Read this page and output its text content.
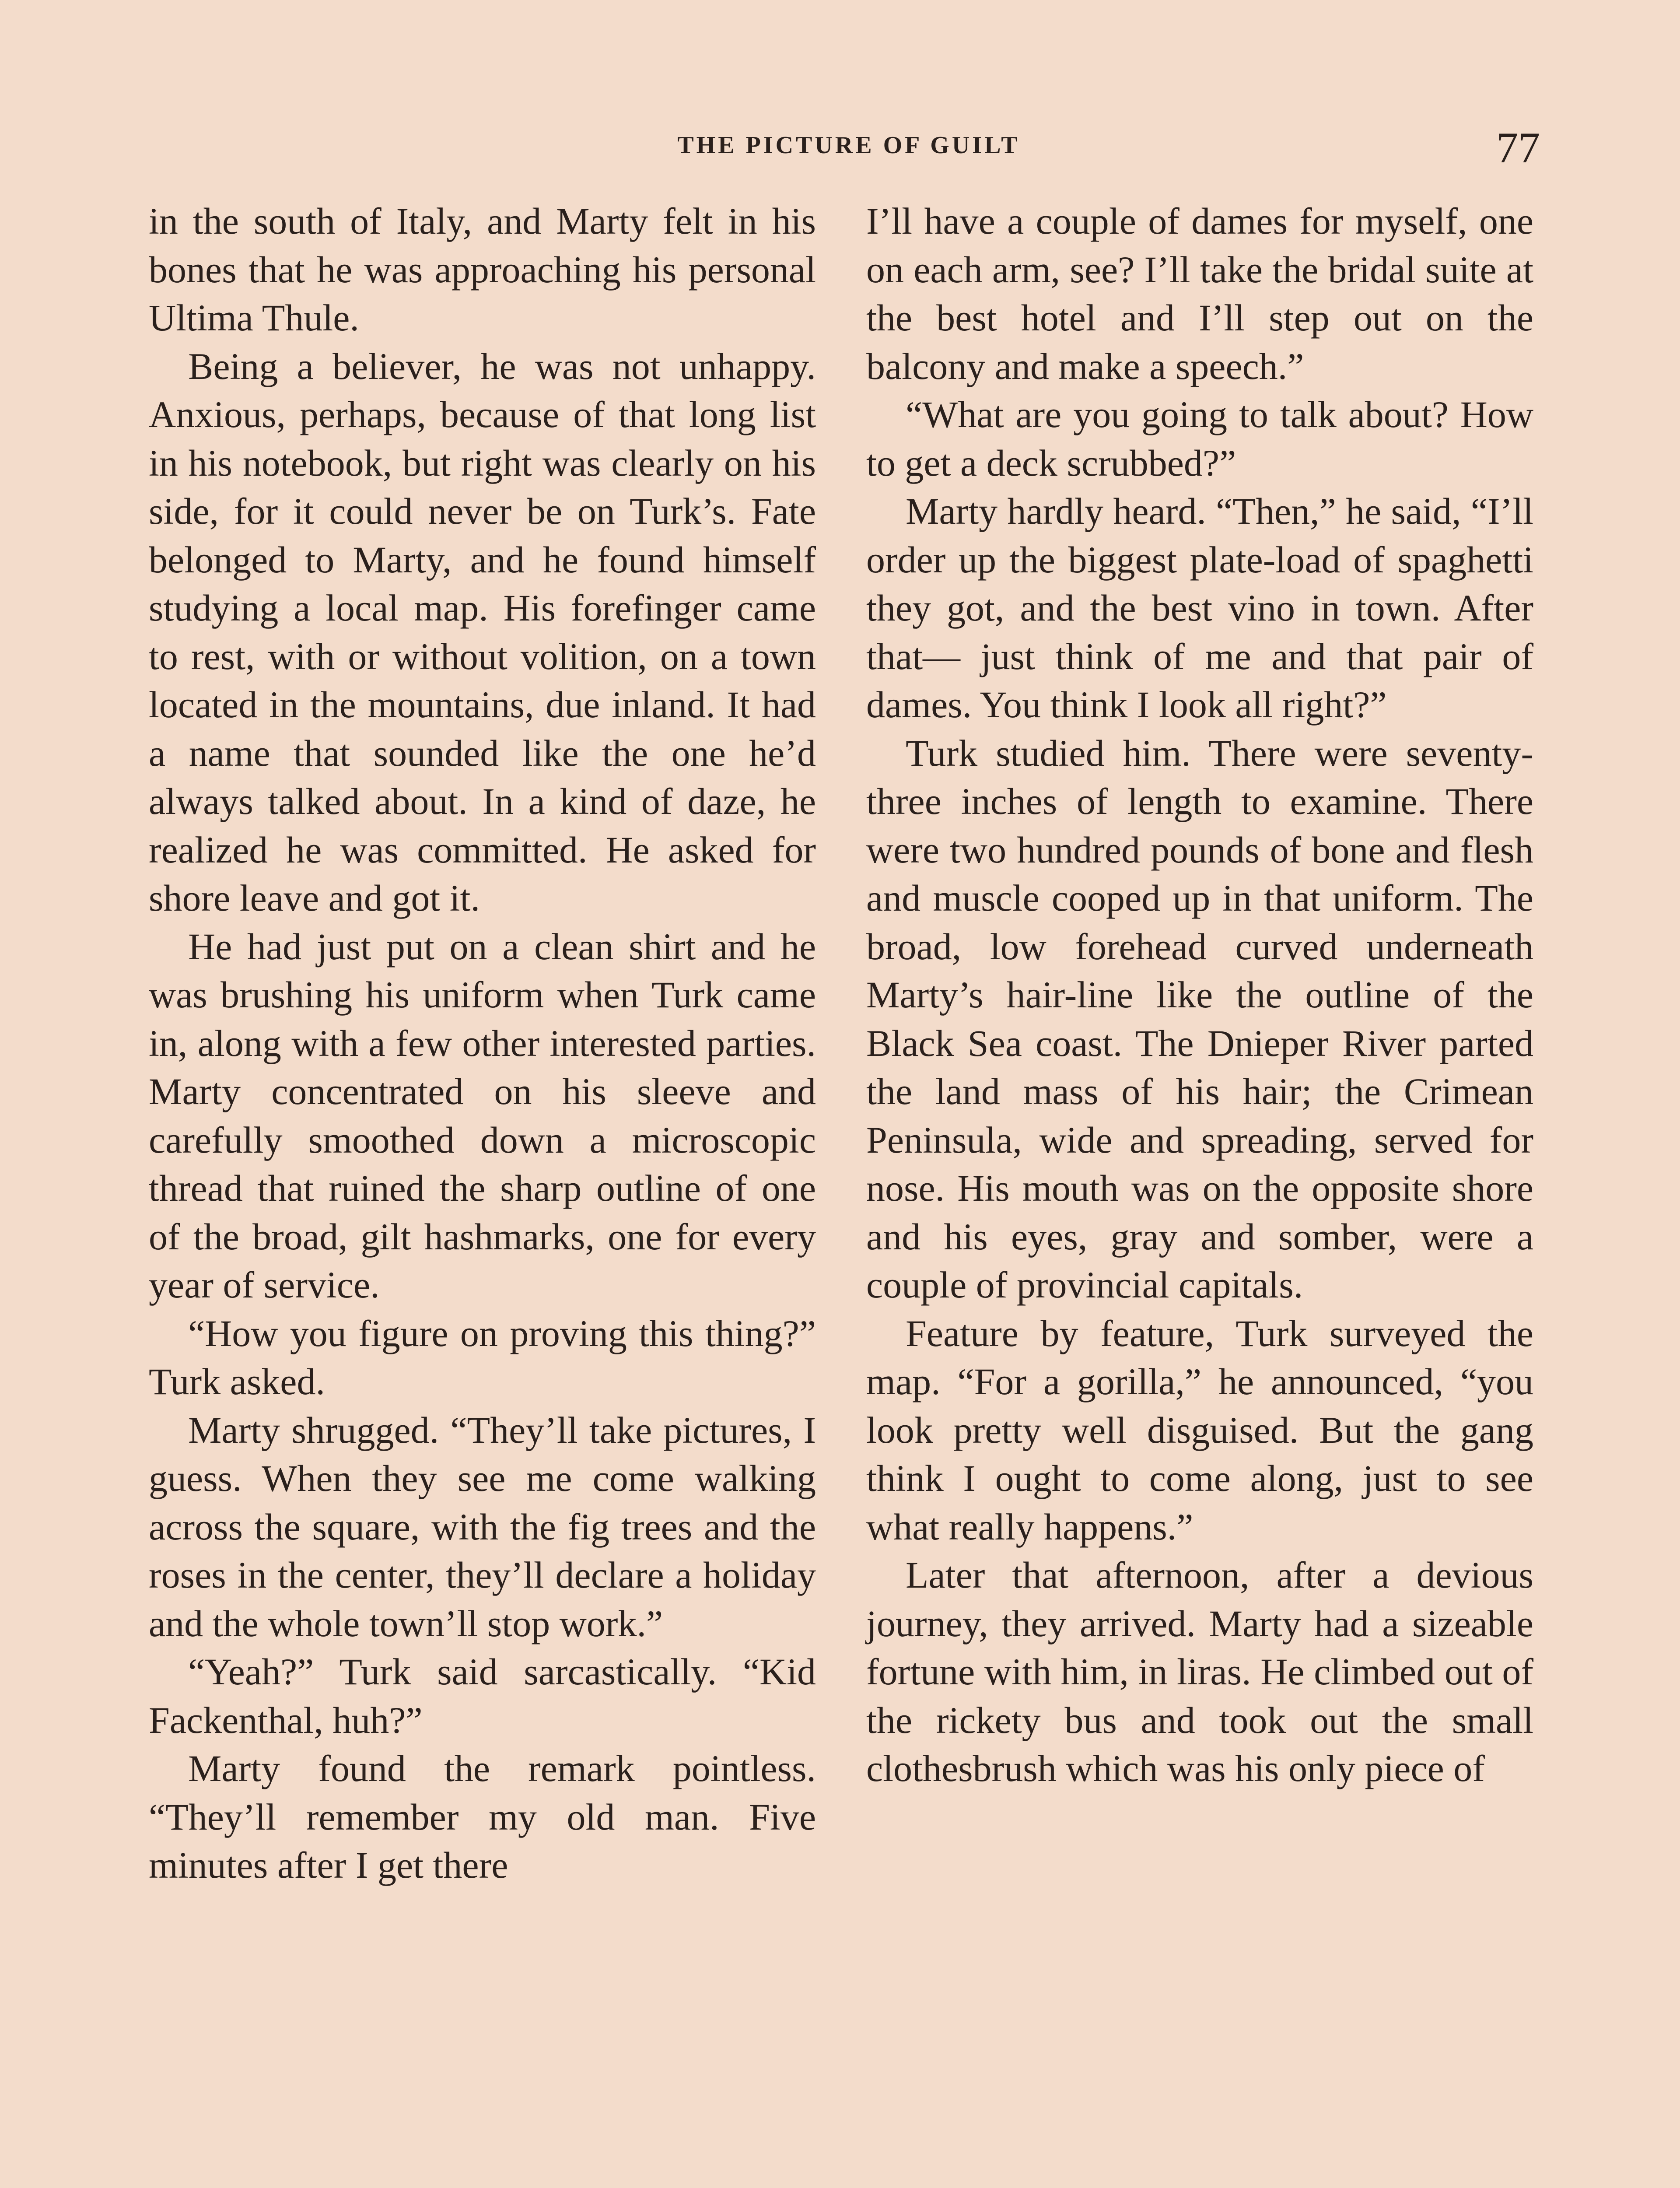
THE PICTURE OF GUILT	77

in the south of Italy, and Marty felt in his bones that he was approaching his personal Ultima Thule.

Being a believer, he was not unhappy. Anxious, perhaps, because of that long list in his notebook, but right was clearly on his side, for it could never be on Turk’s. Fate belonged to Marty, and he found himself studying a local map. His forefinger came to rest, with or without volition, on a town located in the mountains, due inland. It had a name that sounded like the one he’d always talked about. In a kind of daze, he realized he was committed. He asked for shore leave and got it.

He had just put on a clean shirt and he was brushing his uniform when Turk came in, along with a few other interested parties. Marty concentrated on his sleeve and carefully smoothed down a microscopic thread that ruined the sharp outline of one of the broad, gilt hashmarks, one for every year of service.

“How you figure on proving this thing?” Turk asked.

Marty shrugged. “They’ll take pictures, I guess. When they see me come walking across the square, with the fig trees and the roses in the center, they’ll declare a holiday and the whole town’ll stop work.”

“Yeah?” Turk said sarcastically. “Kid Fackenthal, huh?”

Marty found the remark pointless. “They’ll remember my old man. Five minutes after I get there

I’ll have a couple of dames for myself, one on each arm, see? I’ll take the bridal suite at the best hotel and I’ll step out on the balcony and make a speech.”

“What are you going to talk about? How to get a deck scrubbed?”

Marty hardly heard. “Then,” he said, “I’ll order up the biggest plate-load of spaghetti they got, and the best vino in town. After that— just think of me and that pair of dames. You think I look all right?”

Turk studied him. There were seventy-three inches of length to examine. There were two hundred pounds of bone and flesh and muscle cooped up in that uniform. The broad, low forehead curved underneath Marty’s hair-line like the outline of the Black Sea coast. The Dnieper River parted the land mass of his hair; the Crimean Peninsula, wide and spreading, served for nose. His mouth was on the opposite shore and his eyes, gray and somber, were a couple of provincial capitals.

Feature by feature, Turk surveyed the map. “For a gorilla,” he announced, “you look pretty well disguised. But the gang think I ought to come along, just to see what really happens.”

Later that afternoon, after a devious journey, they arrived. Marty had a sizeable fortune with him, in liras. He climbed out of the rickety bus and took out the small clothesbrush which was his only piece of
